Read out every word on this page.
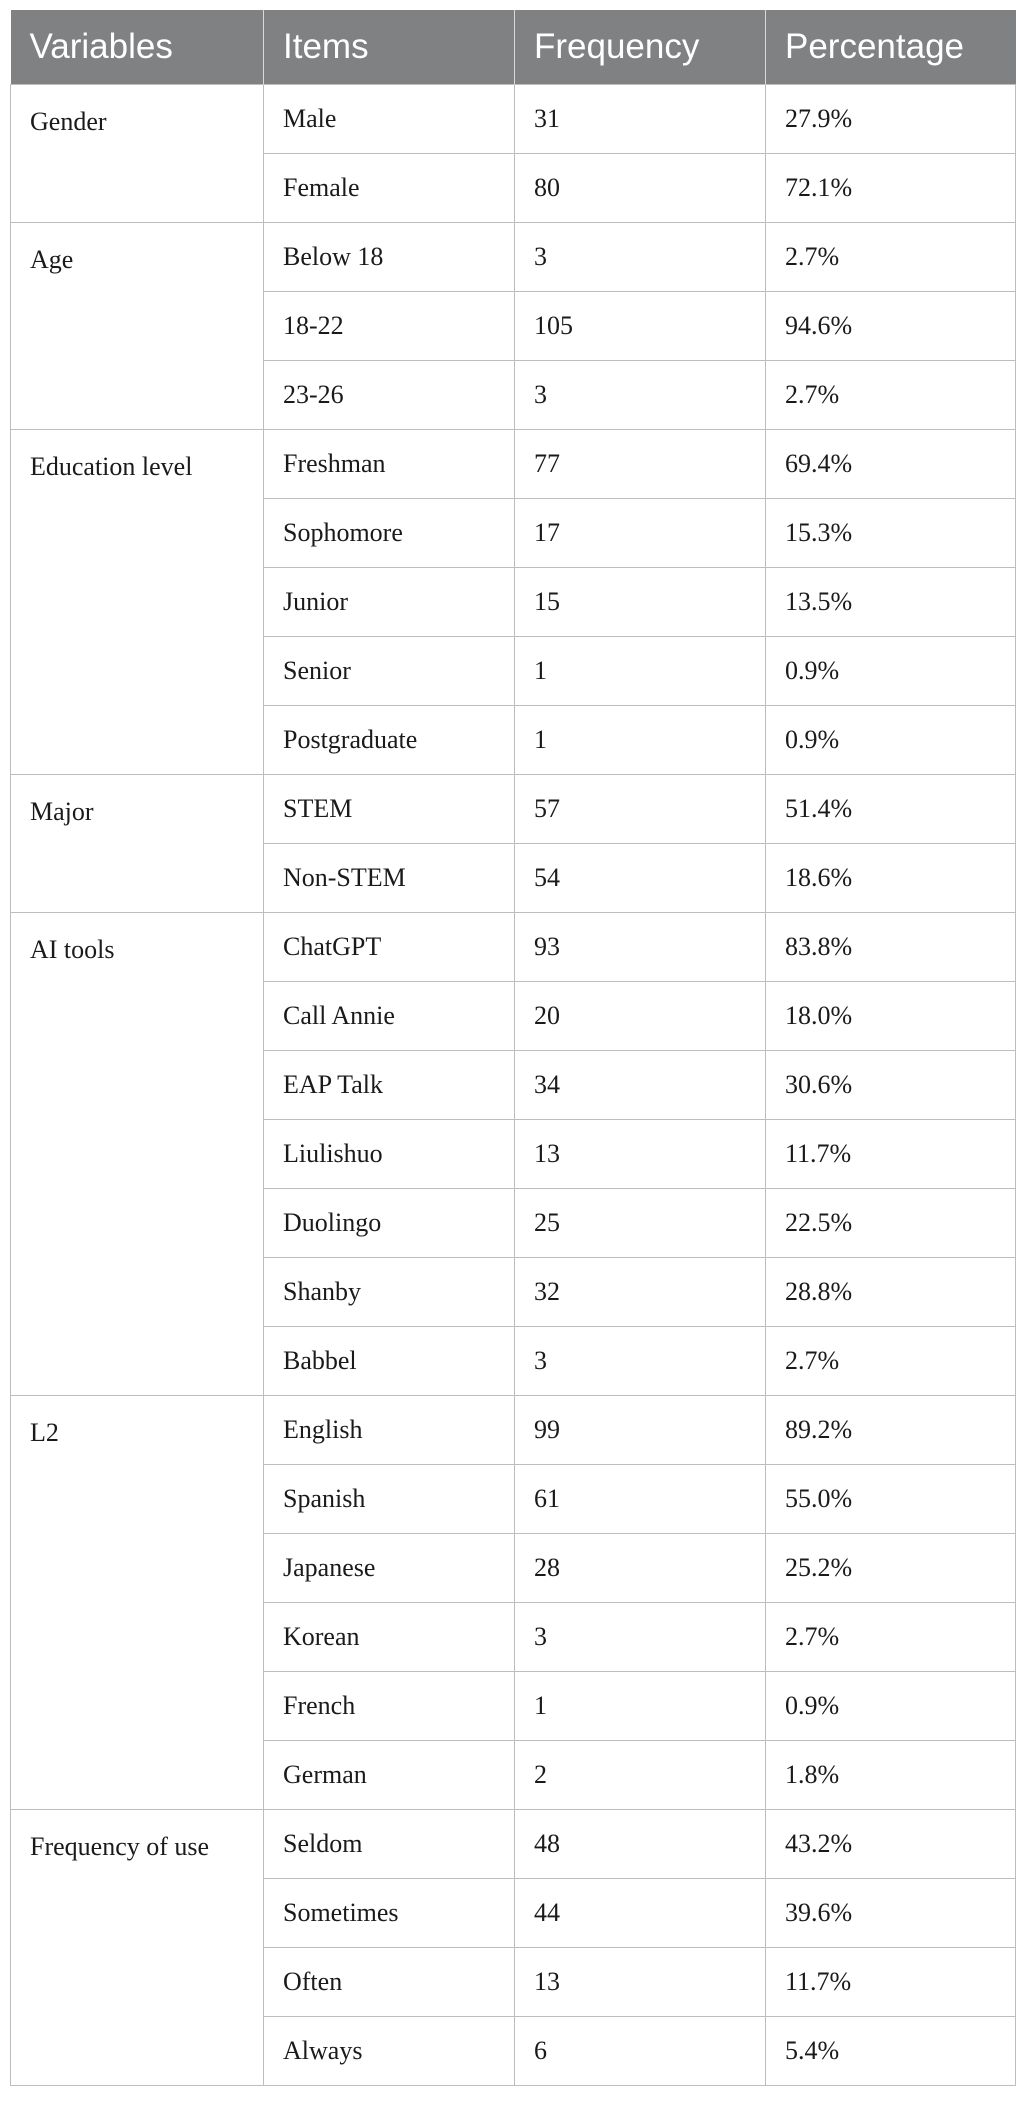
Variables	Items	Frequency	Percentage
Gender	Male	31	27.9%
	Female	80	72.1%
Age	Below 18	3	2.7%
	18-22	105	94.6%
	23-26	3	2.7%
Education level	Freshman	77	69.4%
	Sophomore	17	15.3%
	Junior	15	13.5%
	Senior	1	0.9%
	Postgraduate	1	0.9%
Major	STEM	57	51.4%
	Non-STEM	54	18.6%
AI tools	ChatGPT	93	83.8%
	Call Annie	20	18.0%
	EAP Talk	34	30.6%
	Liulishuo	13	11.7%
	Duolingo	25	22.5%
	Shanby	32	28.8%
	Babbel	3	2.7%
L2	English	99	89.2%
	Spanish	61	55.0%
	Japanese	28	25.2%
	Korean	3	2.7%
	French	1	0.9%
	German	2	1.8%
Frequency of use	Seldom	48	43.2%
	Sometimes	44	39.6%
	Often	13	11.7%
	Always	6	5.4%
